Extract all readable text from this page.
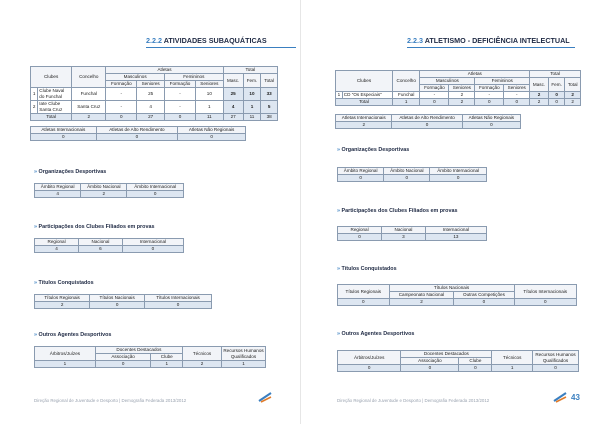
2.2.2 ATIVIDADES SUBAQUÁTICAS
Clubes		Concelho	Atletas				Total		
			Masculinos		Femininos		Masc.	Fem.	Total
			Formação	Seniores	Formação	Seniores			
1	Clube Naval do Funchal	Funchal	-	25	-	10	25	10	33
2	Iate Clube Santa Cruz	Santa Cruz	-	4	-	1	4	1	5
Total		2	0	27	0	11	27	11	38
Atletas Internacionais	Atletas de Alto Rendimento	Atletas Não Regionais
0	0	0
» Organizações Desportivas
Âmbito Regional	Âmbito Nacional	Âmbito Internacional
4	2	0
» Participações dos Clubes Filiados em provas
Regional	Nacional	Internacional
4	6	0
» Títulos Conquistados
Títulos Regionais	Títulos Nacionais	Títulos Internacionais
2	0	0
» Outros Agentes Desportivos
Árbitros/Juízes	Docentes Destacados		Técnicos	Recursos Humanos Qualificados
	Associação	Clube		
1	0	1	2	1
Direção Regional de Juventude e Desporto | Demografia Federada 2013/2012
2.2.3 ATLETISMO - DEFICIÊNCIA INTELECTUAL
Clubes		Concelho	Atletas				Total		
			Masculinos		Femininos		Masc.	Fem.	Total
			Formação	Seniores	Formação	Seniores			
1	CD "Os Especiais"	Funchal	-	2	-	-	2	0	2
Total		1	0	2	0	0	2	0	2
Atletas Internacionais	Atletas de Alto Rendimento	Atletas Não Regionais
2	0	0
» Organizações Desportivas
Âmbito Regional	Âmbito Nacional	Âmbito Internacional
0	0	0
» Participações dos Clubes Filiados em provas
Regional	Nacional	Internacional
0	3	13
» Títulos Conquistados
Títulos Regionais	Títulos Nacionais		Títulos Internacionais
	Campeonato Nacional	Outras Competições	
0	2	0	0
» Outros Agentes Desportivos
Árbitros/Juízes	Docentes Destacados		Técnicos	Recursos Humanos Qualificados
	Associação	Clube		
0	0	0	1	0
Direção Regional de Juventude e Desporto | Demografia Federada 2013/2012	43
